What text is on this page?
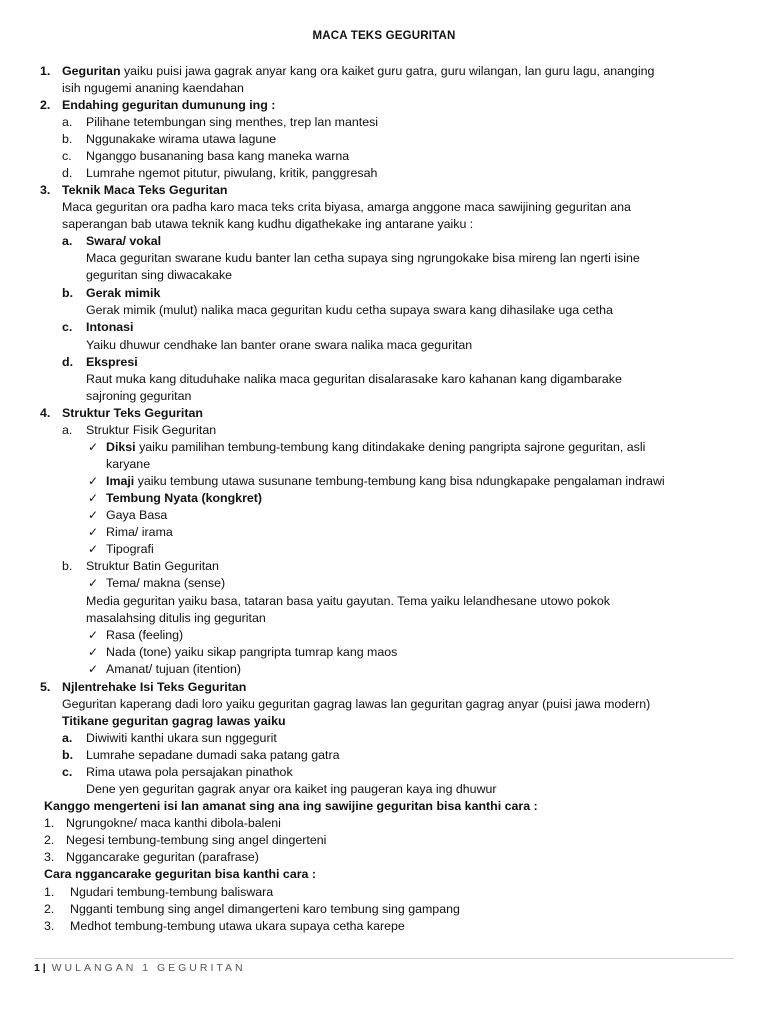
MACA TEKS GEGURITAN
1. Geguritan yaiku puisi jawa gagrak anyar kang ora kaiket guru gatra, guru wilangan, lan guru lagu, ananging
isih ngugemi ananing kaendahan
2. Endahing geguritan dumunung ing :
a. Pilihane tetembungan sing menthes, trep lan mantesi
b. Nggunakake wirama utawa lagune
c. Nganggo busananing basa kang maneka warna
d. Lumrahe ngemot pitutur, piwulang, kritik, panggresah
3. Teknik Maca Teks Geguritan
Maca geguritan ora padha karo maca teks crita biyasa, amarga anggone maca sawijining geguritan ana
saperangan bab utawa teknik kang kudhu digathekake ing antarane yaiku :
a. Swara/ vokal
Maca geguritan swarane kudu banter lan cetha supaya sing ngrungokake bisa mireng lan ngerti isine
geguritan sing diwacakake
b. Gerak mimik
Gerak mimik (mulut) nalika maca geguritan kudu cetha supaya swara kang dihasilake uga cetha
c. Intonasi
Yaiku dhuwur cendhake lan banter orane swara nalika maca geguritan
d. Ekspresi
Raut muka kang dituduhake nalika maca geguritan disalarasake karo kahanan kang digambarake
sajroning geguritan
4. Struktur Teks Geguritan
a. Struktur Fisik Geguritan
✓ Diksi yaiku pamilihan tembung-tembung kang ditindakake dening pangripta sajrone geguritan, asli
karyane
✓ Imaji yaiku tembung utawa susunane tembung-tembung kang bisa ndungkapake pengalaman indrawi
✓ Tembung Nyata (kongkret)
✓ Gaya Basa
✓ Rima/ irama
✓ Tipografi
b. Struktur Batin Geguritan
✓ Tema/ makna (sense)
Media geguritan yaiku basa, tataran basa yaitu gayutan. Tema yaiku lelandhesane utowo pokok
masalahsing ditulis ing geguritan
✓ Rasa (feeling)
✓ Nada (tone) yaiku sikap pangripta tumrap kang maos
✓ Amanat/ tujuan (itention)
5. Njlentrehake Isi Teks Geguritan
Geguritan kaperang dadi loro yaiku geguritan gagrag lawas lan geguritan gagrag anyar (puisi jawa modern)
Titikane geguritan gagrag lawas yaiku
a. Diwiwiti kanthi ukara sun nggegurit
b. Lumrahe sepadane dumadi saka patang gatra
c. Rima utawa pola persajakan pinathok
Dene yen geguritan gagrak anyar ora kaiket ing paugeran kaya ing dhuwur
Kanggo mengerteni isi lan amanat sing ana ing sawijine geguritan bisa kanthi cara :
1. Ngrungokne/ maca kanthi dibola-baleni
2. Negesi tembung-tembung sing angel dingerteni
3. Nggancarake geguritan (parafrase)
Cara nggancarake geguritan bisa kanthi cara :
1. Ngudari tembung-tembung baliswara
2. Ngganti tembung sing angel dimangerteni karo tembung sing gampang
3. Medhot tembung-tembung utawa ukara supaya cetha karepe
1 | WULANGAN 1 GEGURITAN
